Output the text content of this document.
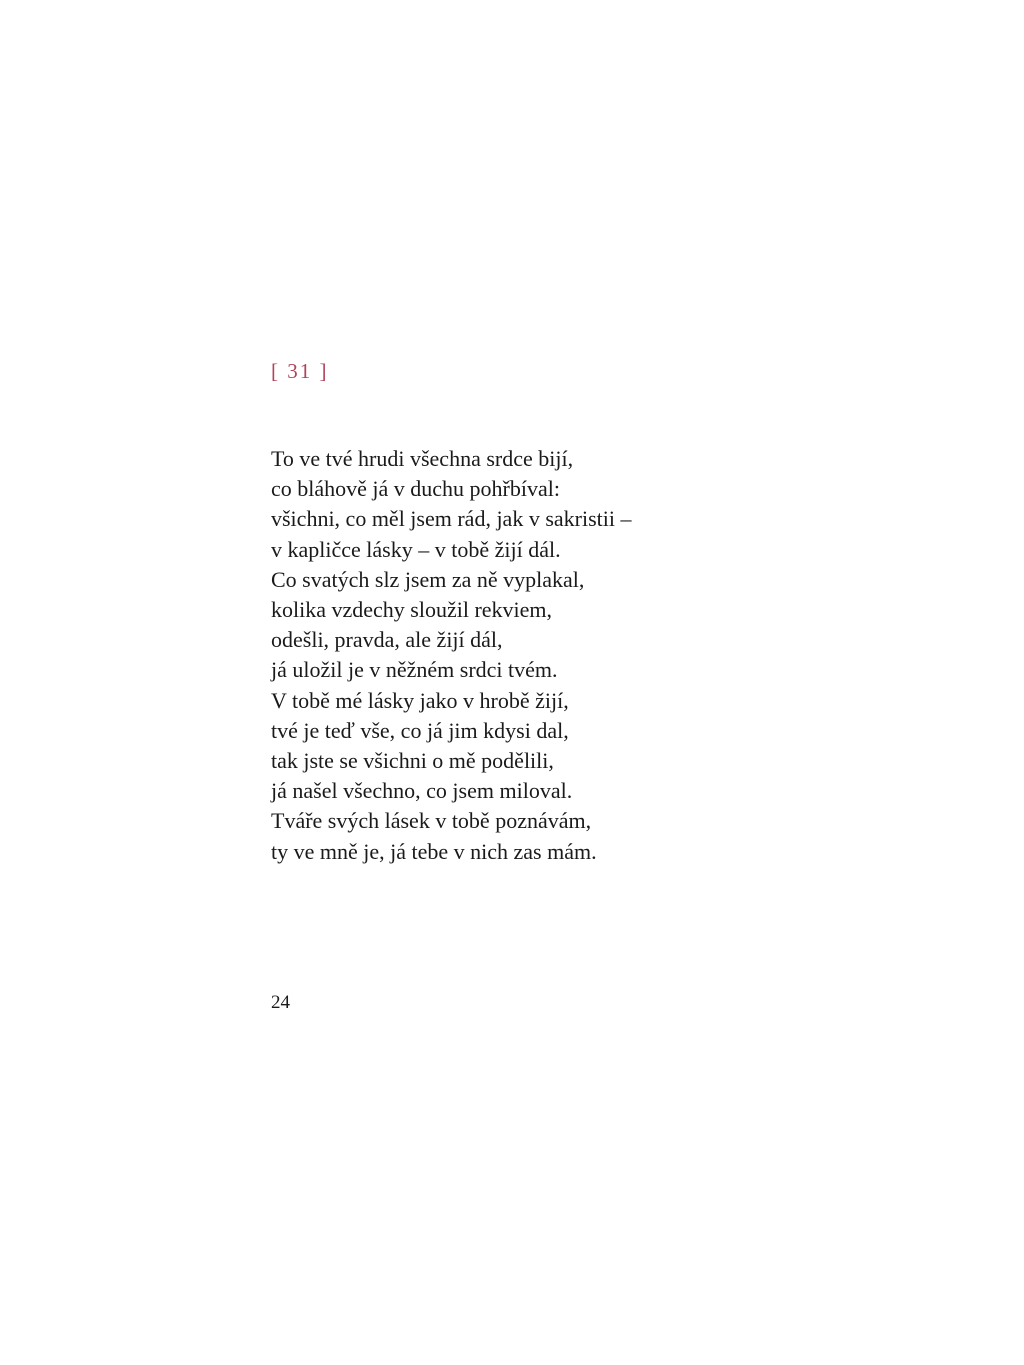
[ 31 ]
To ve tvé hrudi všechna srdce bijí,
co bláhově já v duchu pohřbíval:
všichni, co měl jsem rád, jak v sakristii –
v kapličce lásky – v tobě žijí dál.
Co svatých slz jsem za ně vyplakal,
kolika vzdechy sloužil rekviem,
odešli, pravda, ale žijí dál,
já uložil je v něžném srdci tvém.
V tobě mé lásky jako v hrobě žijí,
tvé je teď vše, co já jim kdysi dal,
tak jste se všichni o mě podělili,
já našel všechno, co jsem miloval.
Tváře svých lásek v tobě poznávám,
ty ve mně je, já tebe v nich zas mám.
24
